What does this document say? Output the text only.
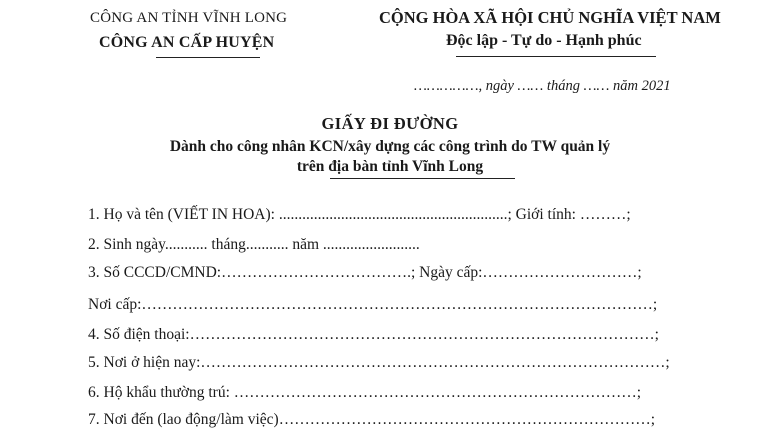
CÔNG AN TỈNH VĨNH LONG
CÔNG AN CẤP HUYỆN
CỘNG HÒA XÃ HỘI CHỦ NGHĨA VIỆT NAM
Độc lập - Tự do - Hạnh phúc
……………, ngày …… tháng …… năm 2021
GIẤY ĐI ĐƯỜNG
Dành cho công nhân KCN/xây dựng các công trình do TW quản lý
trên địa bàn tỉnh Vĩnh Long
1. Họ và tên (VIẾT IN HOA): ...........................................................; Giới tính: ………;
2. Sinh ngày........... tháng........... năm .........................
3. Số CCCD/CMND:……………………………….; Ngày cấp:…………………………;
Nơi cấp:………………………………………………………………………………………;
4. Số điện thoại:………………………………………………………………………………;
5. Nơi ở hiện nay:………………………………………………………………………………;
6. Hộ khẩu thường trú: ……………………………………………………………………;
7. Nơi đến (lao động/làm việc)………………………………………………………………;
